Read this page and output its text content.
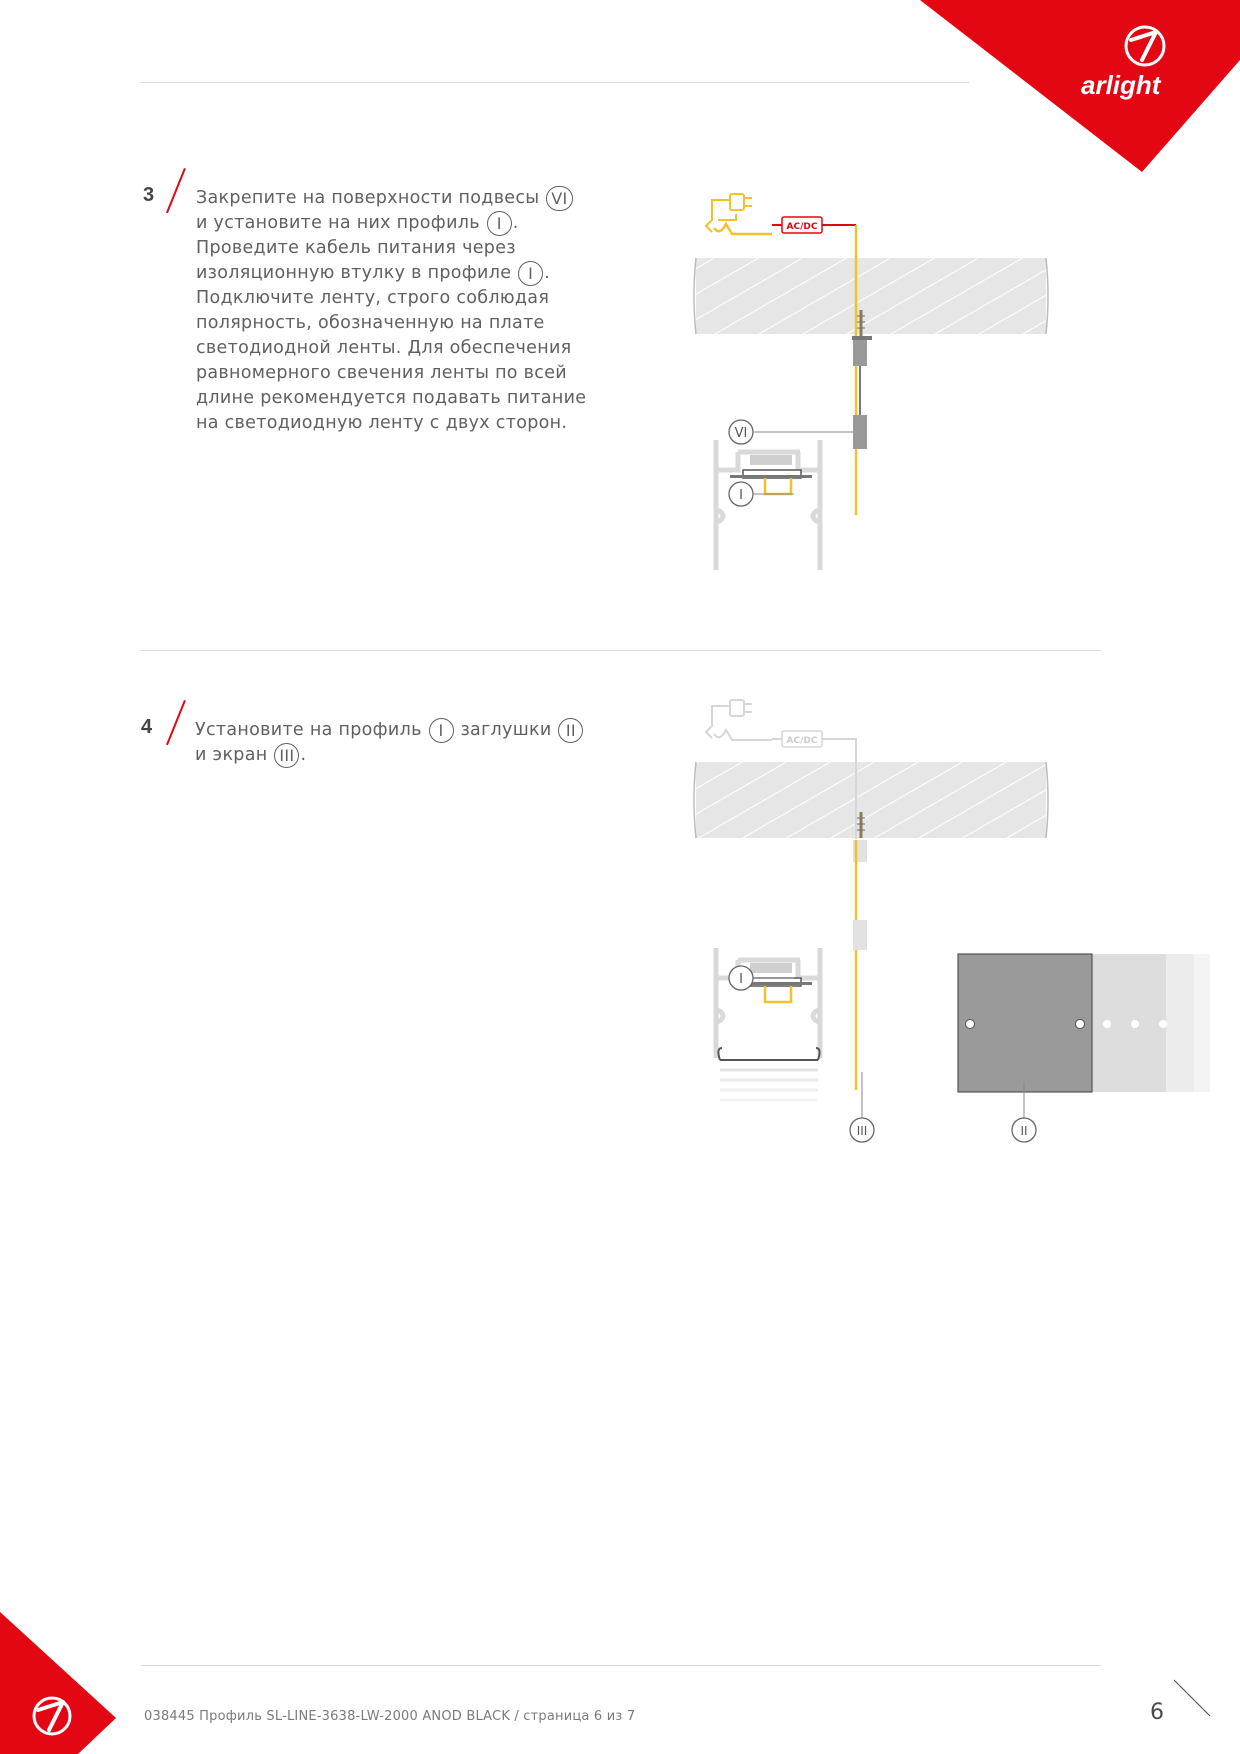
arlight
3 Закрепите на поверхности подвесы VI
и установите на них профиль I .
Проведите кабель питания через
изоляционную втулку в профиле I .
Подключите ленту, строго соблюдая
полярность, обозначенную на плате
светодиодной ленты. Для обеспечения
равномерного свечения ленты по всей
длине рекомендуется подавать питание
на светодиодную ленту с двух сторон.
AC/DC
VI
I
4 Установите на профиль I заглушки II
и экран III .
AC/DC
I
III	II
038445 Профиль SL-LINE-3638-LW-2000 ANOD BLACK / страница 6 из 7	6
